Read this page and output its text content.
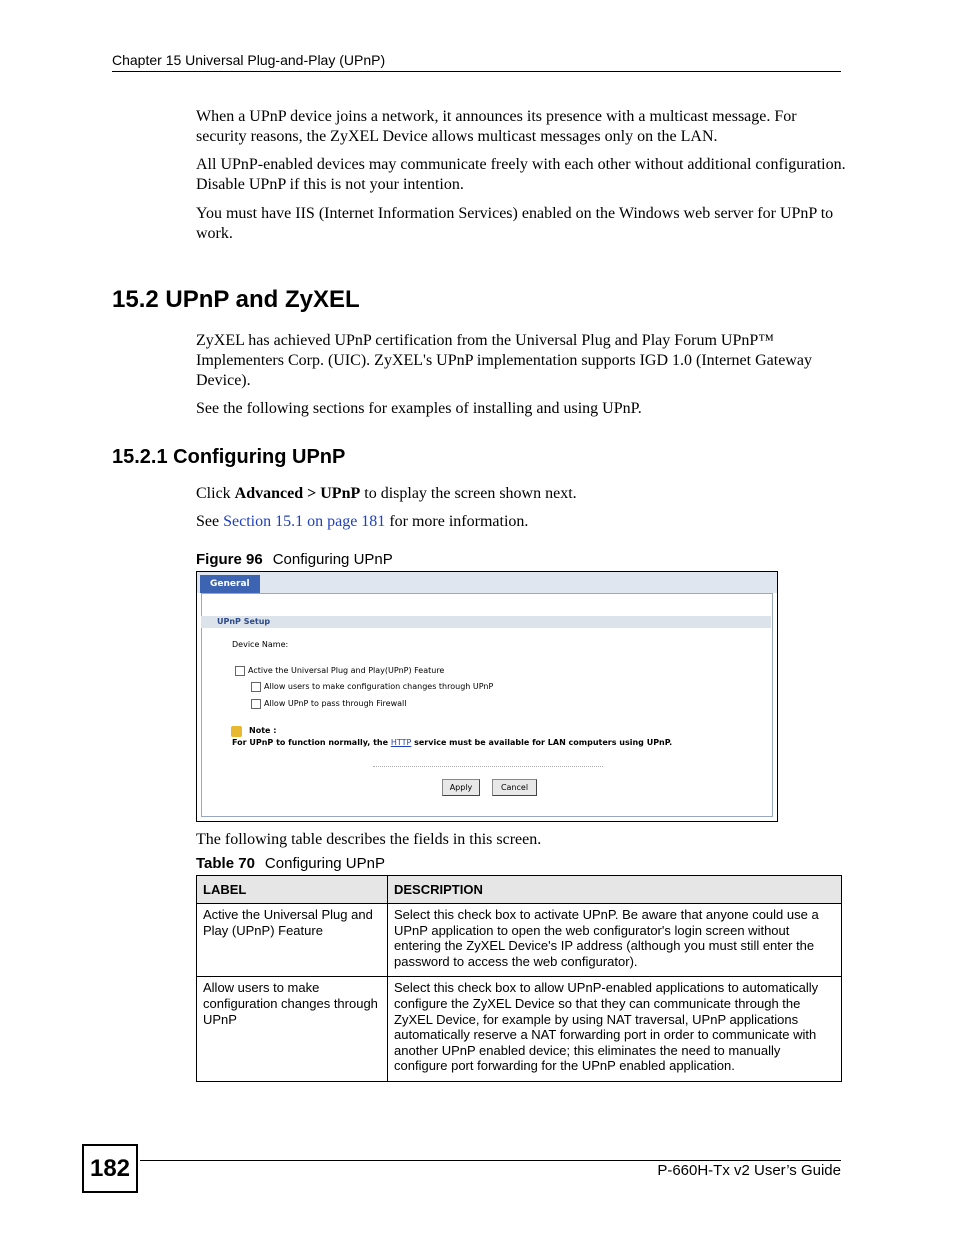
Chapter 15 Universal Plug-and-Play (UPnP)
When a UPnP device joins a network, it announces its presence with a multicast message. For security reasons, the ZyXEL Device allows multicast messages only on the LAN.
All UPnP-enabled devices may communicate freely with each other without additional configuration. Disable UPnP if this is not your intention.
You must have IIS (Internet Information Services) enabled on the Windows web server for UPnP to work.
15.2 UPnP and ZyXEL
ZyXEL has achieved UPnP certification from the Universal Plug and Play Forum UPnP™ Implementers Corp. (UIC). ZyXEL's UPnP implementation supports IGD 1.0 (Internet Gateway Device).
See the following sections for examples of installing and using UPnP.
15.2.1 Configuring UPnP
Click Advanced > UPnP to display the screen shown next.
See Section 15.1 on page 181 for more information.
Figure 96 Configuring UPnP
General
UPnP Setup
Device Name:
Active the Universal Plug and Play(UPnP) Feature
Allow users to make configuration changes through UPnP
Allow UPnP to pass through Firewall
Note :
For UPnP to function normally, the HTTP service must be available for LAN computers using UPnP.
Apply	Cancel
The following table describes the fields in this screen.
Table 70 Configuring UPnP
LABEL	DESCRIPTION
Active the Universal Plug and Play (UPnP) Feature	Select this check box to activate UPnP. Be aware that anyone could use a UPnP application to open the web configurator's login screen without entering the ZyXEL Device's IP address (although you must still enter the password to access the web configurator).
Allow users to make configuration changes through UPnP	Select this check box to allow UPnP-enabled applications to automatically configure the ZyXEL Device so that they can communicate through the ZyXEL Device, for example by using NAT traversal, UPnP applications automatically reserve a NAT forwarding port in order to communicate with another UPnP enabled device; this eliminates the need to manually configure port forwarding for the UPnP enabled application.
182	P-660H-Tx v2 User’s Guide
